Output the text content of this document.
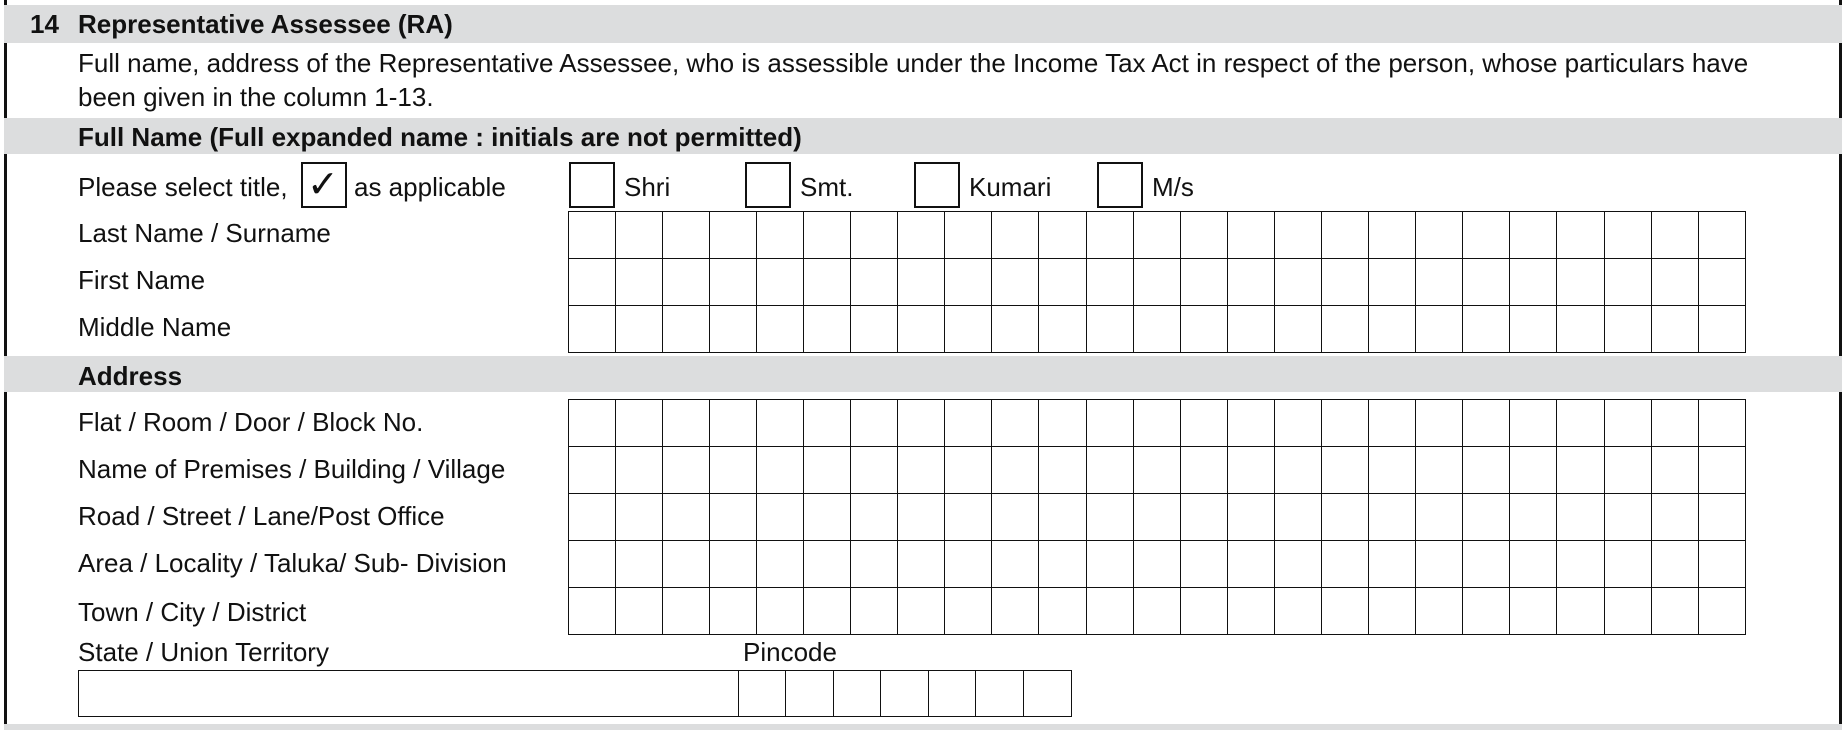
14 Representative Assessee (RA)
Full name, address of the Representative Assessee, who is assessible under the Income Tax Act in respect of the person, whose particulars have
been given in the column 1-13.
Full Name (Full expanded name : initials are not permitted)
Please select title, ✓ as applicable	Shri	Smt.	Kumari	M/s
Last Name / Surname
First Name
Middle Name
Address
Flat / Room / Door / Block No.
Name of Premises / Building / Village
Road / Street / Lane/Post Office
Area / Locality / Taluka/ Sub- Division
Town / City / District
State / Union Territory	Pincode
